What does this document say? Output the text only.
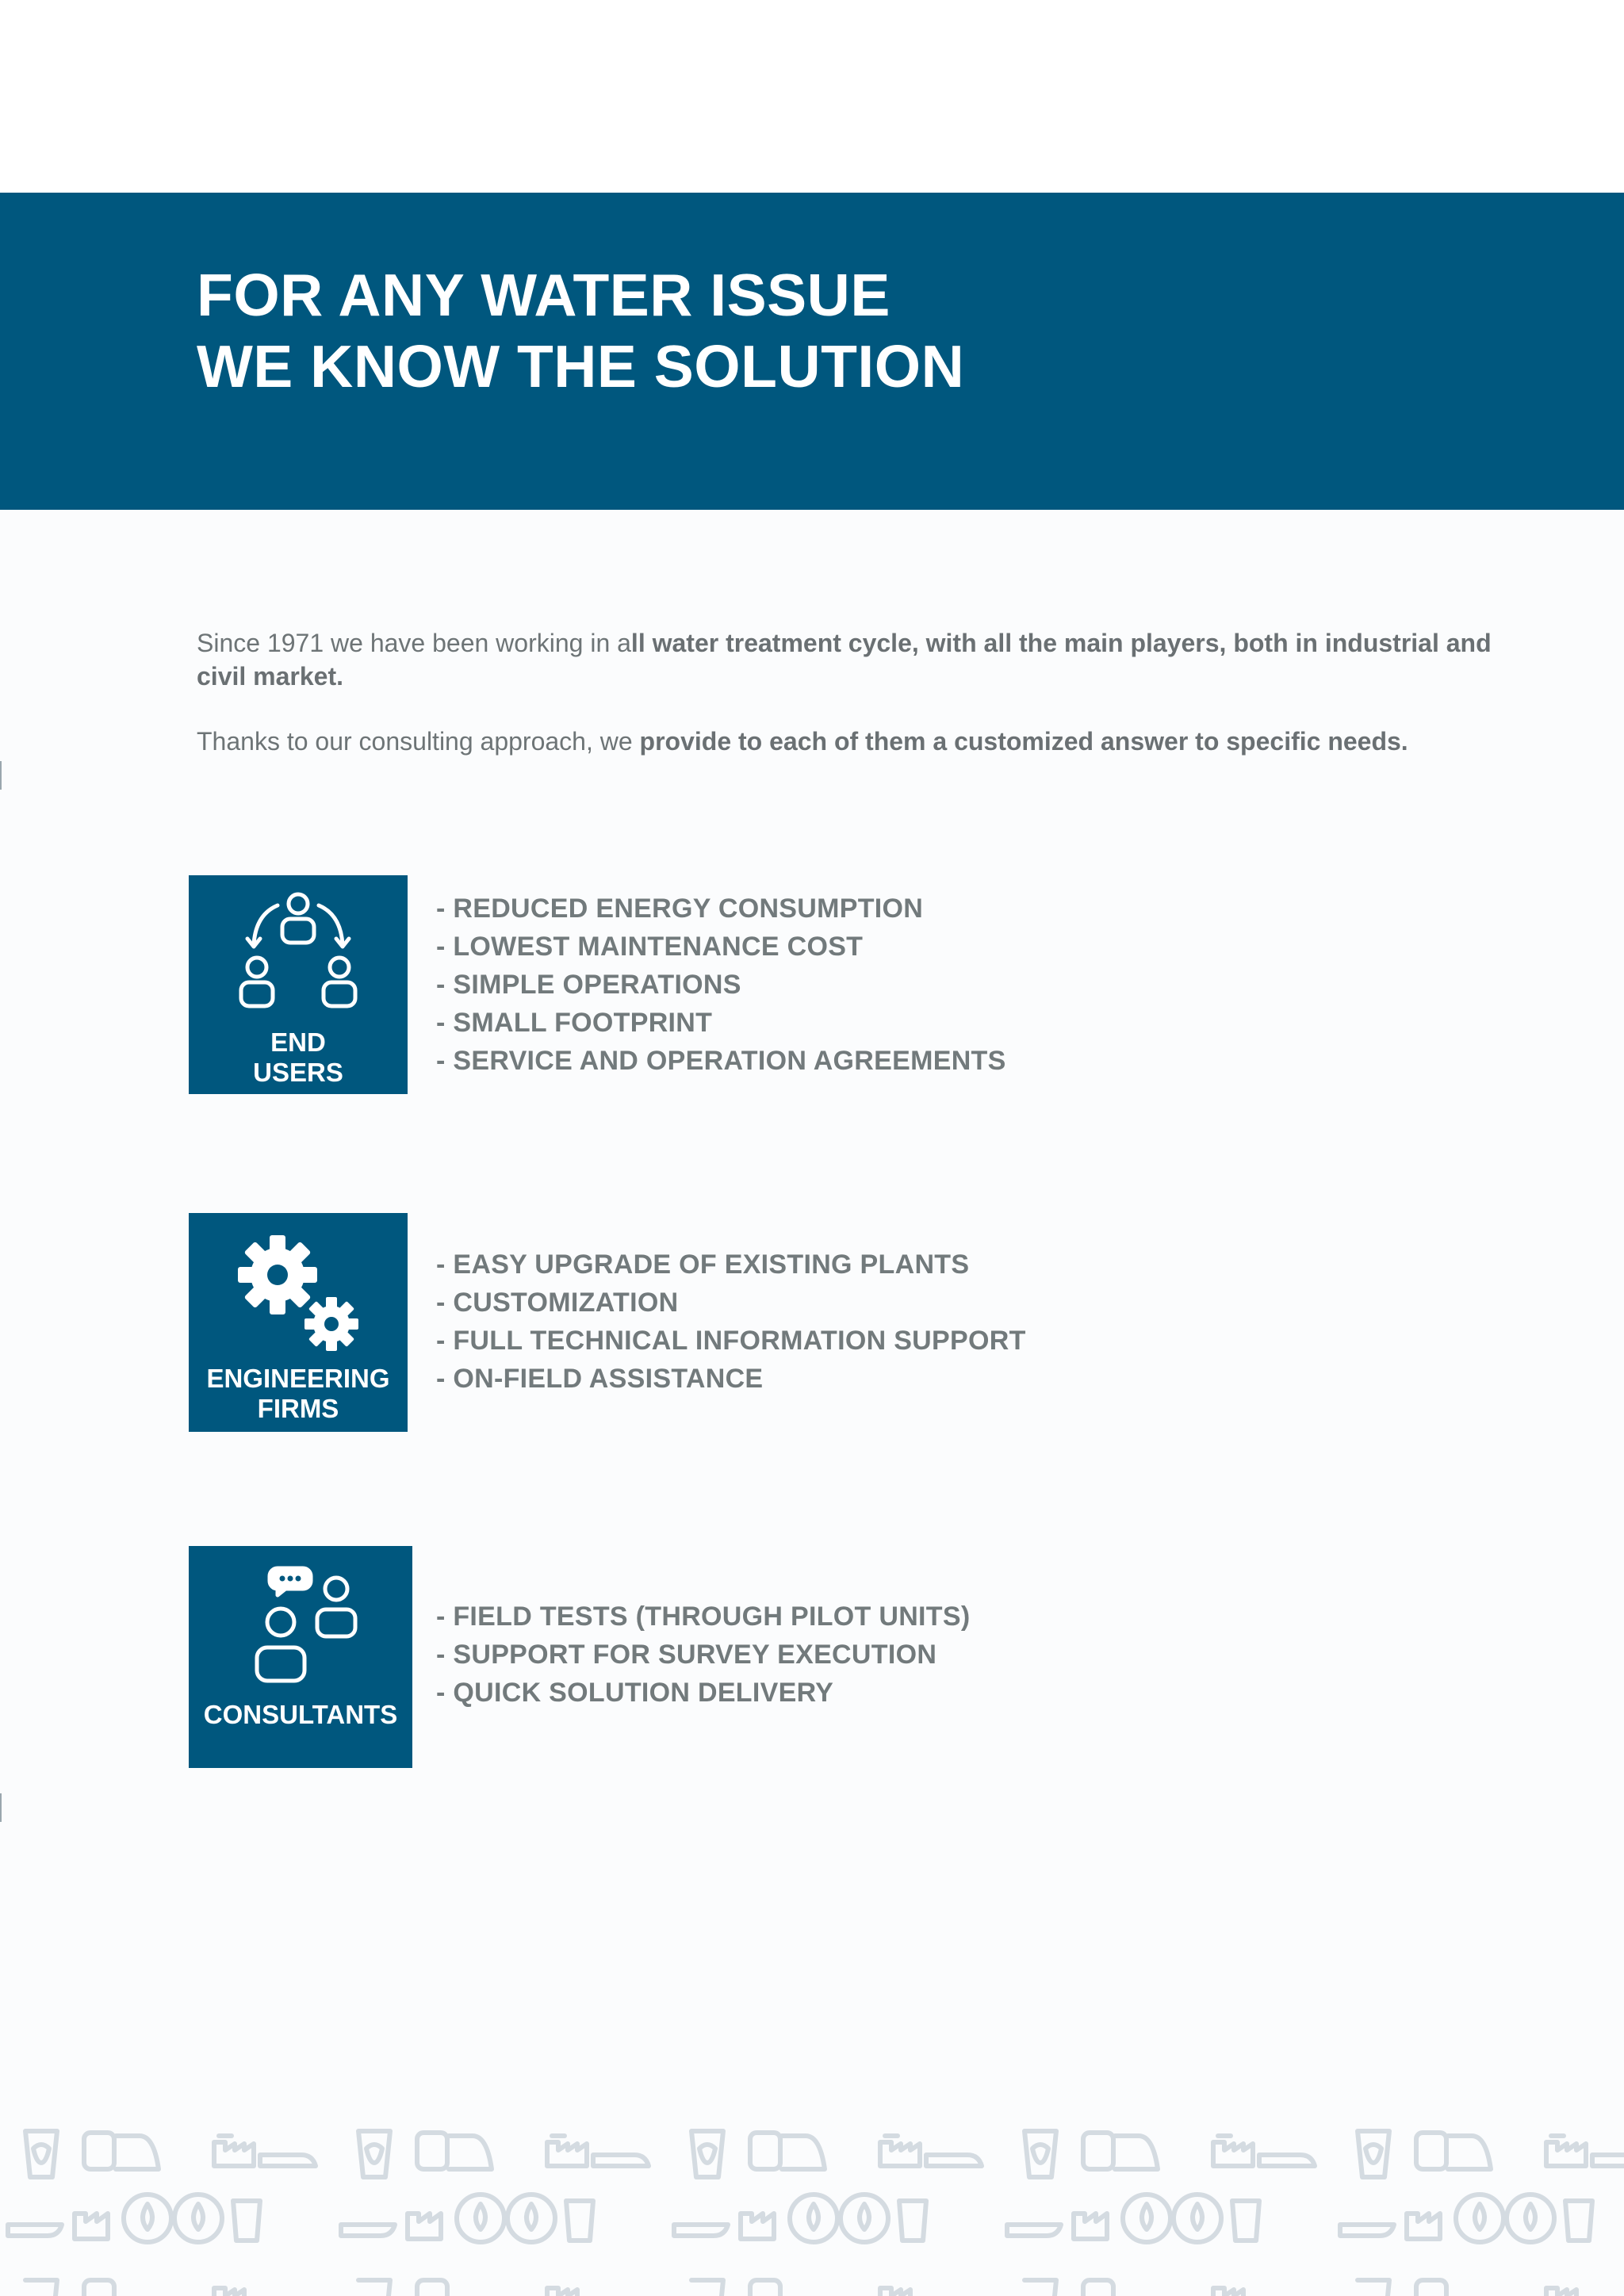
FOR ANY WATER ISSUE
WE KNOW THE SOLUTION

Since 1971 we have been working in all water treatment cycle, with all the main players, both in industrial and civil market.

Thanks to our consulting approach, we provide to each of them a customized answer to specific needs.

END
USERS
- REDUCED ENERGY CONSUMPTION
- LOWEST MAINTENANCE COST
- SIMPLE OPERATIONS
- SMALL FOOTPRINT
- SERVICE AND OPERATION AGREEMENTS
ENGINEERING
FIRMS
- EASY UPGRADE OF EXISTING PLANTS
- CUSTOMIZATION
- FULL TECHNICAL INFORMATION SUPPORT
- ON-FIELD ASSISTANCE
CONSULTANTS
- FIELD TESTS (THROUGH PILOT UNITS)
- SUPPORT FOR SURVEY EXECUTION
- QUICK SOLUTION DELIVERY
